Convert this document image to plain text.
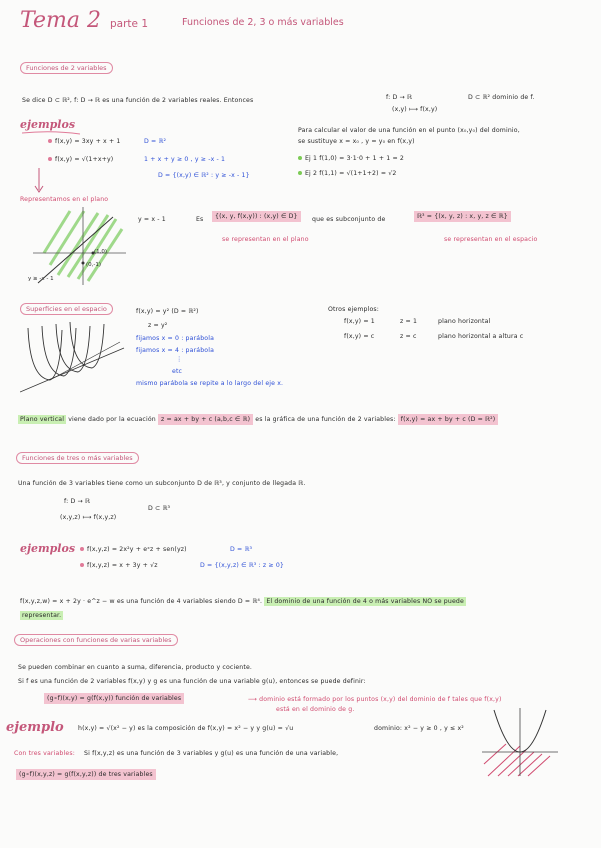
Tema 2 parte 1	Funciones de 2, 3 o más variables
Funciones de 2 variables
Se dice D ⊂ ℝ², f: D → ℝ es una función de 2 variables reales. Entonces	f: D → ℝ
(x,y) ⟼ f(x,y)
D ⊂ ℝ² dominio de f.
ejemplos
f(x,y) = 3xy + x + 1	D = ℝ²
f(x,y) = √(1+x+y)	1 + x + y ≥ 0 , y ≥ -x - 1
D = {(x,y) ∈ ℝ² : y ≥ -x - 1}
Para calcular el valor de una función en el punto (x₀,y₀) del dominio,
se sustituye x = x₀ , y = y₀ en f(x,y)
Ej 1 f(1,0) = 3·1·0 + 1 + 1 = 2
Ej 2 f(1,1) = √(1+1+2) = √2
Representamos en el plano
(1,0)
(0,-1)
y ≥ -x - 1
y = x - 1	Es	{(x, y, f(x,y)) : (x,y) ∈ D}	que es subconjunto de	ℝ³ = {(x, y, z) : x, y, z ∈ ℝ}
se representan en el plano	se representan en el espacio
Superficies en el espacio	f(x,y) = y² (D = ℝ²)
z = y²
fijamos x = 0 : parábola
fijamos x = 4 : parábola
⋮
etc
mismo parábola se repite a lo largo del eje x.
Otros ejemplos:
f(x,y) = 1	z = 1	plano horizontal
f(x,y) = c	z = c	plano horizontal a altura c
Plano vertical viene dado por la ecuación z = ax + by + c (a,b,c ∈ ℝ) es la gráfica de una función de 2 variables: f(x,y) = ax + by + c (D = ℝ²)
Funciones de tres o más variables
Una función de 3 variables tiene como un subconjunto D de ℝ³, y conjunto de llegada ℝ.
f: D → ℝ
(x,y,z) ⟼ f(x,y,z)
D ⊂ ℝ³
ejemplos	f(x,y,z) = 2x²y + eˣz + sen(yz)	D = ℝ³
f(x,y,z) = x + 3y + √z	D = {(x,y,z) ∈ ℝ³ : z ≥ 0}
f(x,y,z,w) = x + 2y · e^z − w es una función de 4 variables siendo D = ℝ⁴. El dominio de una función de 4 o más variables NO se puede
representar.
Operaciones con funciones de varias variables
Se pueden combinar en cuanto a suma, diferencia, producto y cociente.
Si f es una función de 2 variables f(x,y) y g es una función de una variable g(u), entonces se puede definir:
(g∘f)(x,y) = g(f(x,y)) función de variables	⟶ dominio está formado por los puntos (x,y) del dominio de f tales que f(x,y)
está en el dominio de g.
ejemplo h(x,y) = √(x² − y) es la composición de f(x,y) = x² − y y g(u) = √u	dominio: x² − y ≥ 0 , y ≤ x²
Con tres variables: Si f(x,y,z) es una función de 3 variables y g(u) es una función de una variable,
(g∘f)(x,y,z) = g(f(x,y,z)) de tres variables
